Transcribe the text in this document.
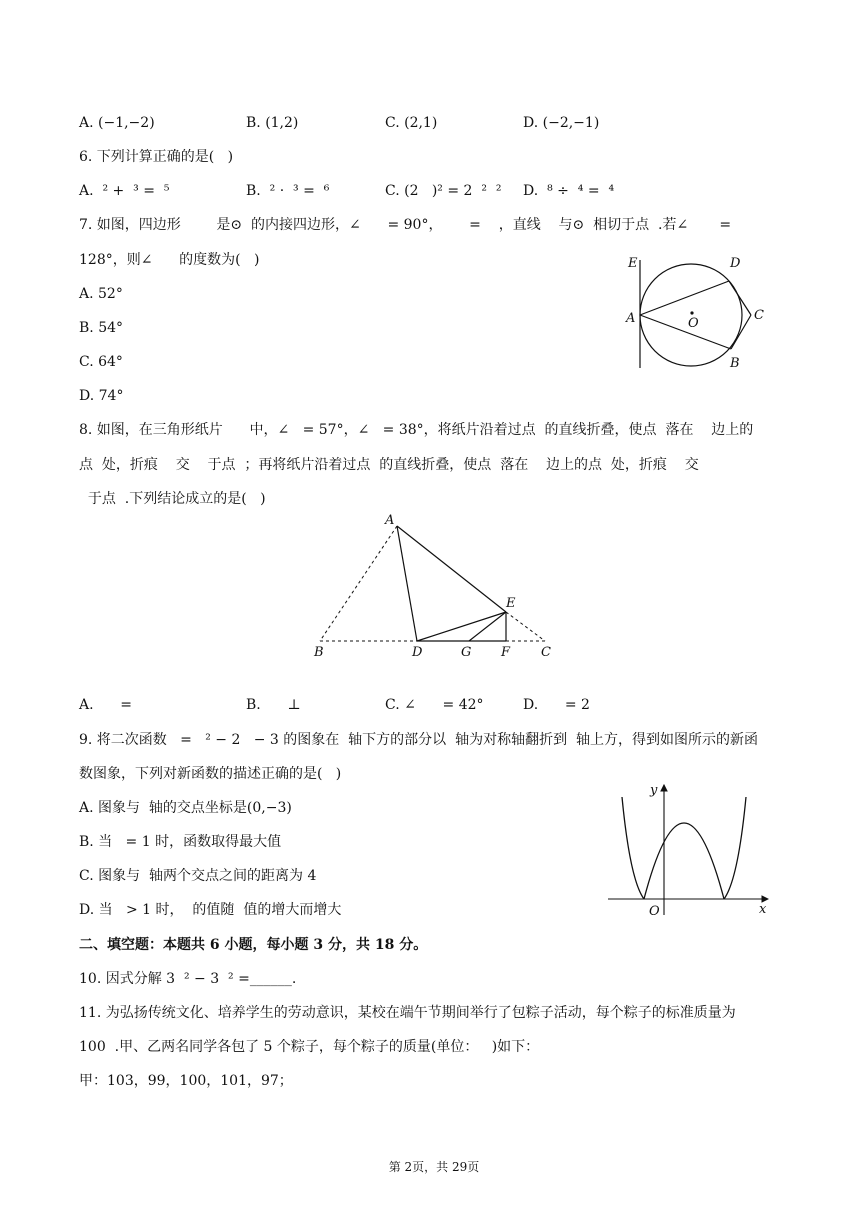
A. (−1,−2)	B. (1,2)	C. (2,1)	D. (−2,−1)
6. 下列计算正确的是(   )
A.  ² +  ³ =  ⁵	B.  ² ·  ³ =  ⁶	C. (2   )² = 2  ²  ² D.  ⁸ ÷  ⁴ =  ⁴
7. 如图，四边形        是⊙  的内接四边形，∠      = 90°，      =    ，直线    与⊙  相切于点  .若∠       =
128°，则∠      的度数为(   )
A. 52°
B. 54°
C. 64°
D. 74°
E	D
C
A	O
B
8. 如图，在三角形纸片      中，∠   = 57°，∠   = 38°，将纸片沿着过点  的直线折叠，使点  落在    边上的
点  处，折痕    交    于点  ；再将纸片沿着过点  的直线折叠，使点  落在    边上的点  处，折痕    交
于点  .下列结论成立的是(   )
A
E
B	D	G F C
A.      =	B.      ⊥	C. ∠      = 42°	D.      = 2
9. 将二次函数   =   ² − 2   − 3 的图象在  轴下方的部分以  轴为对称轴翻折到  轴上方，得到如图所示的新函
数图象，下列对新函数的描述正确的是(   )
A. 图象与  轴的交点坐标是(0,−3)
B. 当   = 1 时，函数取得最大值
C. 图象与  轴两个交点之间的距离为 4
D. 当   > 1 时，  的值随  值的增大而增大
y
x
O
二、填空题：本题共 6 小题，每小题 3 分，共 18 分。
10. 因式分解 3  ² − 3  ² =______.
11. 为弘扬传统文化、培养学生的劳动意识，某校在端午节期间举行了包粽子活动，每个粽子的标准质量为
100  .甲、乙两名同学各包了 5 个粽子，每个粽子的质量(单位：   )如下：
甲：103，99，100，101，97；
第 2页，共 29页
